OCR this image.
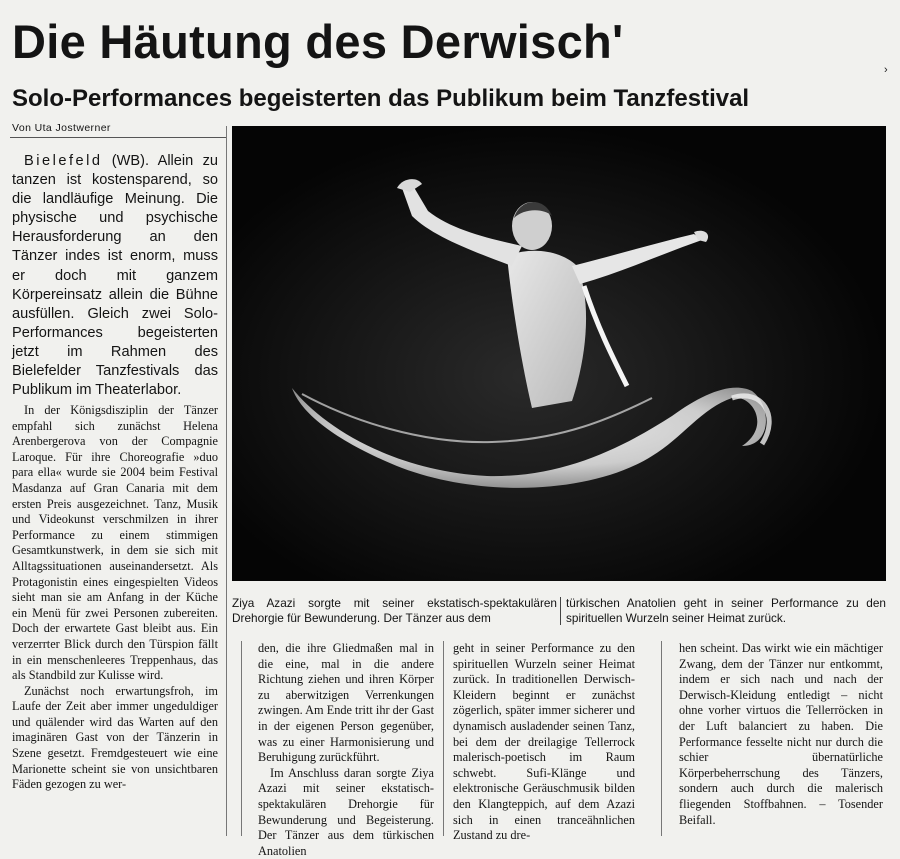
Die Häutung des Derwisch'
Solo-Performances begeisterten das Publikum beim Tanzfestival
›
Von Uta Jostwerner

Bielefeld (WB). Allein zu tanzen ist kostensparend, so die landläufige Meinung. Die physische und psychische Herausforderung an den Tänzer indes ist enorm, muss er doch mit ganzem Körpereinsatz allein die Bühne ausfüllen. Gleich zwei Solo-Performances begeisterten jetzt im Rahmen des Bielefelder Tanzfestivals das Publikum im Theaterlabor.

In der Königsdisziplin der Tänzer empfahl sich zunächst Helena Arenbergerova von der Compagnie Laroque. Für ihre Choreografie »duo para ella« wurde sie 2004 beim Festival Masdanza auf Gran Canaria mit dem ersten Preis ausgezeichnet. Tanz, Musik und Videokunst verschmilzen in ihrer Performance zu einem stimmigen Gesamtkunstwerk, in dem sie sich mit Alltagssituationen auseinandersetzt. Als Protagonistin eines eingespielten Videos sieht man sie am Anfang in der Küche ein Menü für zwei Personen zubereiten. Doch der erwartete Gast bleibt aus. Ein verzerrter Blick durch den Türspion fällt in ein menschenleeres Treppenhaus, das als Standbild zur Kulisse wird.

Zunächst noch erwartungsfroh, im Laufe der Zeit aber immer ungeduldiger und quälender wird das Warten auf den imaginären Gast von der Tänzerin in Szene gesetzt. Fremdgesteuert wie eine Marionette scheint sie von unsichtbaren Fäden gezogen zu wer-

Ziya Azazi sorgte mit seiner ekstatisch-spektakulären Drehorgie für Bewunderung. Der Tänzer aus dem

türkischen Anatolien geht in seiner Performance zu den spirituellen Wurzeln seiner Heimat zurück.

den, die ihre Gliedmaßen mal in die eine, mal in die andere Richtung ziehen und ihren Körper zu aberwitzigen Verrenkungen zwingen. Am Ende tritt ihr der Gast in der eigenen Person gegenüber, was zu einer Harmonisierung und Beruhigung zurückführt.

Im Anschluss daran sorgte Ziya Azazi mit seiner ekstatisch-spektakulären Drehorgie für Bewunderung und Begeisterung. Der Tänzer aus dem türkischen Anatolien

geht in seiner Performance zu den spirituellen Wurzeln seiner Heimat zurück. In traditionellen Derwisch-Kleidern beginnt er zunächst zögerlich, später immer sicherer und dynamisch ausladender seinen Tanz, bei dem der dreilagige Tellerrock malerisch-poetisch im Raum schwebt. Sufi-Klänge und elektronische Geräuschmusik bilden den Klangteppich, auf dem Azazi sich in einen tranceähnlichen Zustand zu dre-

hen scheint. Das wirkt wie ein mächtiger Zwang, dem der Tänzer nur entkommt, indem er sich nach und nach der Derwisch-Kleidung entledigt – nicht ohne vorher virtuos die Tellerröcken in der Luft balanciert zu haben. Die Performance fesselte nicht nur durch die schier übernatürliche Körperbeherrschung des Tänzers, sondern auch durch die malerisch fliegenden Stoffbahnen. – Tosender Beifall.
